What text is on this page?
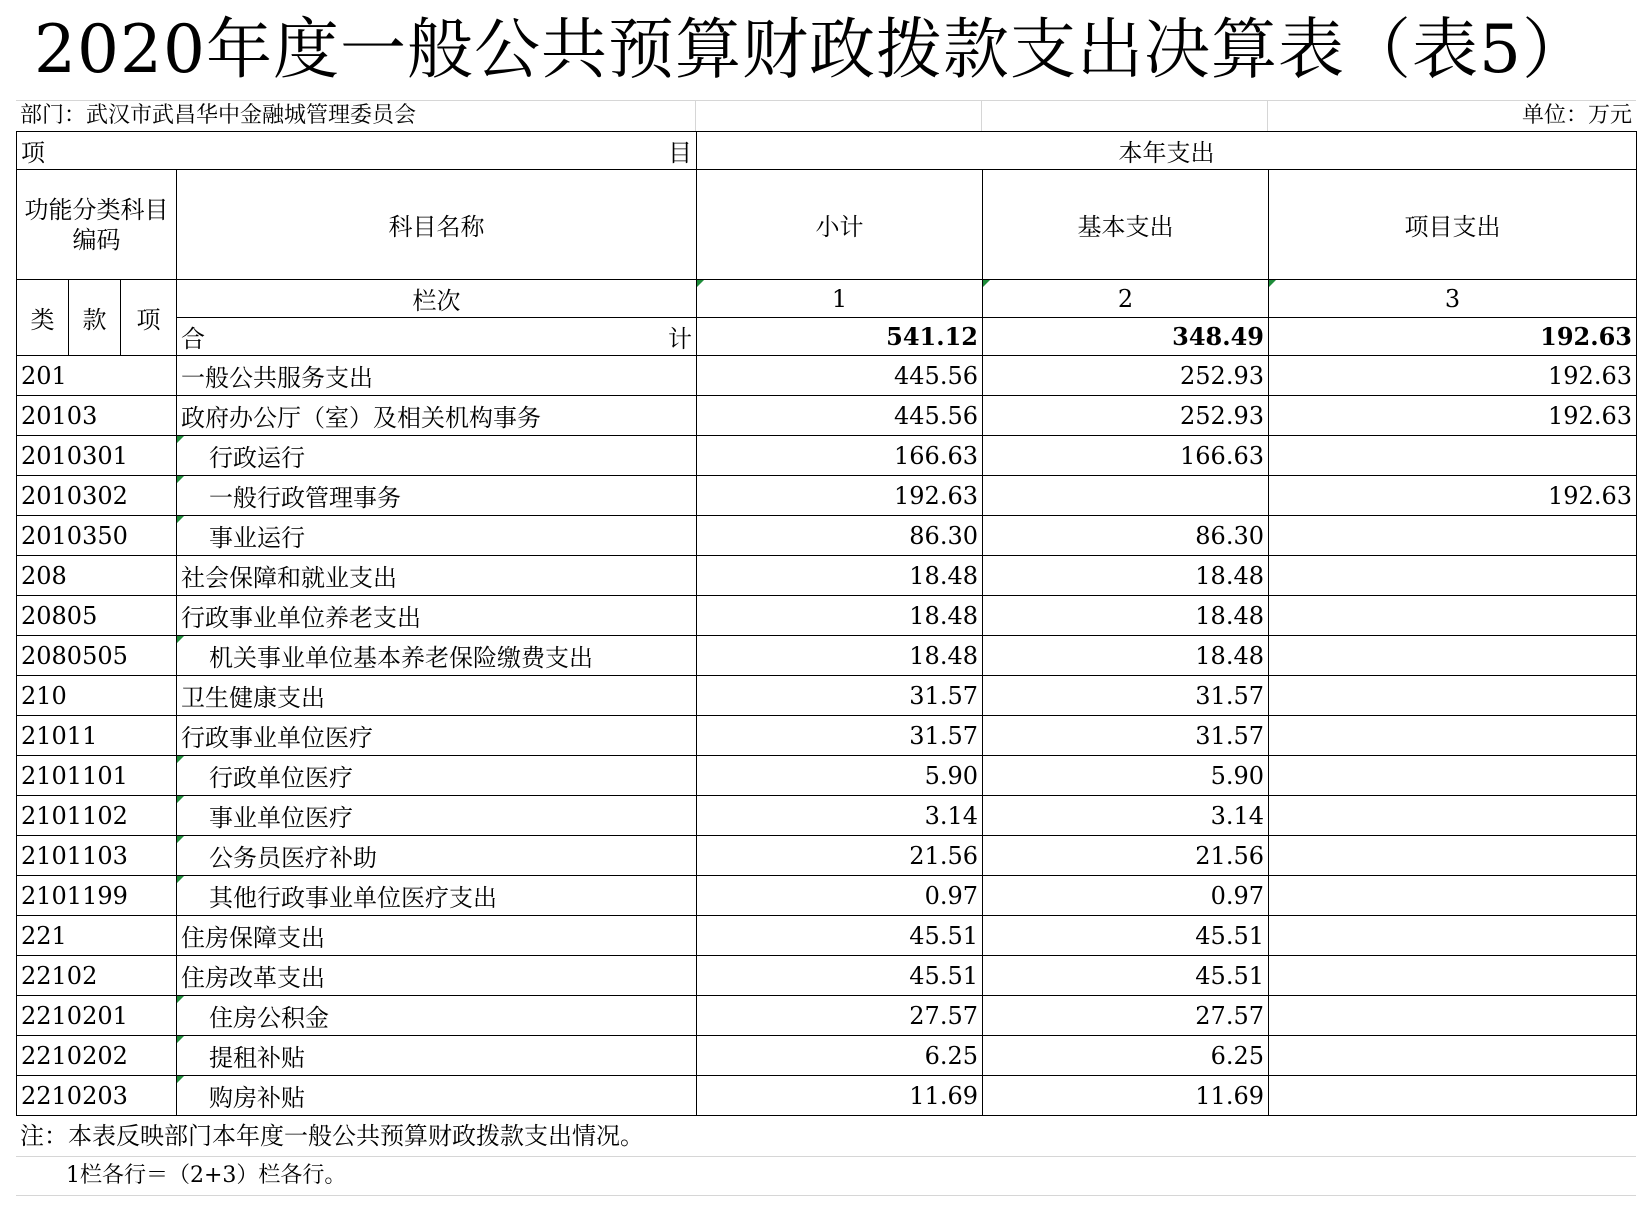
2020年度一般公共预算财政拨款支出决算表（表5）
部门：武汉市武昌华中金融城管理委员会	单位：万元
项 目				本年支出		
功能分类科目编码			科目名称	小计	基本支出	项目支出
类	款	项	栏次	1	2	3
			合 计	541.12	348.49	192.63
201			一般公共服务支出	445.56	252.93	192.63
20103			政府办公厅（室）及相关机构事务	445.56	252.93	192.63
2010301			行政运行	166.63	166.63	
2010302			一般行政管理事务	192.63		192.63
2010350			事业运行	86.30	86.30	
208			社会保障和就业支出	18.48	18.48	
20805			行政事业单位养老支出	18.48	18.48	
2080505			机关事业单位基本养老保险缴费支出	18.48	18.48	
210			卫生健康支出	31.57	31.57	
21011			行政事业单位医疗	31.57	31.57	
2101101			行政单位医疗	5.90	5.90	
2101102			事业单位医疗	3.14	3.14	
2101103			公务员医疗补助	21.56	21.56	
2101199			其他行政事业单位医疗支出	0.97	0.97	
221			住房保障支出	45.51	45.51	
22102			住房改革支出	45.51	45.51	
2210201			住房公积金	27.57	27.57	
2210202			提租补贴	6.25	6.25	
2210203			购房补贴	11.69	11.69	
注：本表反映部门本年度一般公共预算财政拨款支出情况。
1栏各行＝（2+3）栏各行。
